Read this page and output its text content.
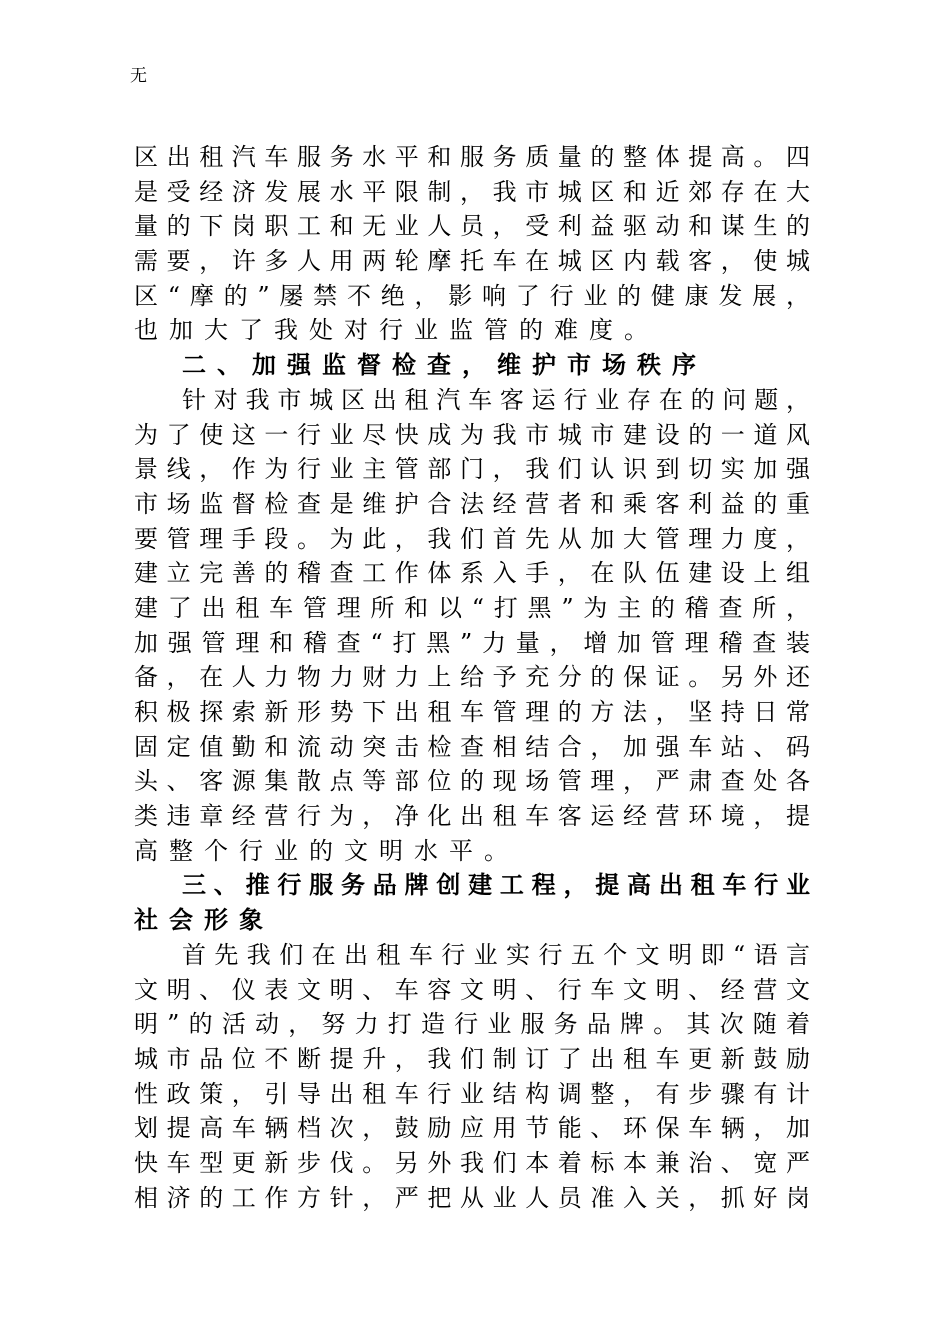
无
区出租汽车服务水平和服务质量的整体提高。四
是受经济发展水平限制，我市城区和近郊存在大
量的下岗职工和无业人员，受利益驱动和谋生的
需要，许多人用两轮摩托车在城区内载客，使城
区“摩的”屡禁不绝，影响了行业的健康发展，
也加大了我处对行业监管的难度。
二、加强监督检查，维护市场秩序
针对我市城区出租汽车客运行业存在的问题，
为了使这一行业尽快成为我市城市建设的一道风
景线，作为行业主管部门，我们认识到切实加强
市场监督检查是维护合法经营者和乘客利益的重
要管理手段。为此，我们首先从加大管理力度，
建立完善的稽查工作体系入手，在队伍建设上组
建了出租车管理所和以“打黑”为主的稽查所，
加强管理和稽查“打黑”力量，增加管理稽查装
备，在人力物力财力上给予充分的保证。另外还
积极探索新形势下出租车管理的方法，坚持日常
固定值勤和流动突击检查相结合，加强车站、码
头、客源集散点等部位的现场管理，严肃查处各
类违章经营行为，净化出租车客运经营环境，提
高整个行业的文明水平。
三、推行服务品牌创建工程，提高出租车行业
社会形象
首先我们在出租车行业实行五个文明即“语言
文明、仪表文明、车容文明、行车文明、经营文
明”的活动，努力打造行业服务品牌。其次随着
城市品位不断提升，我们制订了出租车更新鼓励
性政策，引导出租车行业结构调整，有步骤有计
划提高车辆档次，鼓励应用节能、环保车辆，加
快车型更新步伐。另外我们本着标本兼治、宽严
相济的工作方针，严把从业人员准入关，抓好岗
